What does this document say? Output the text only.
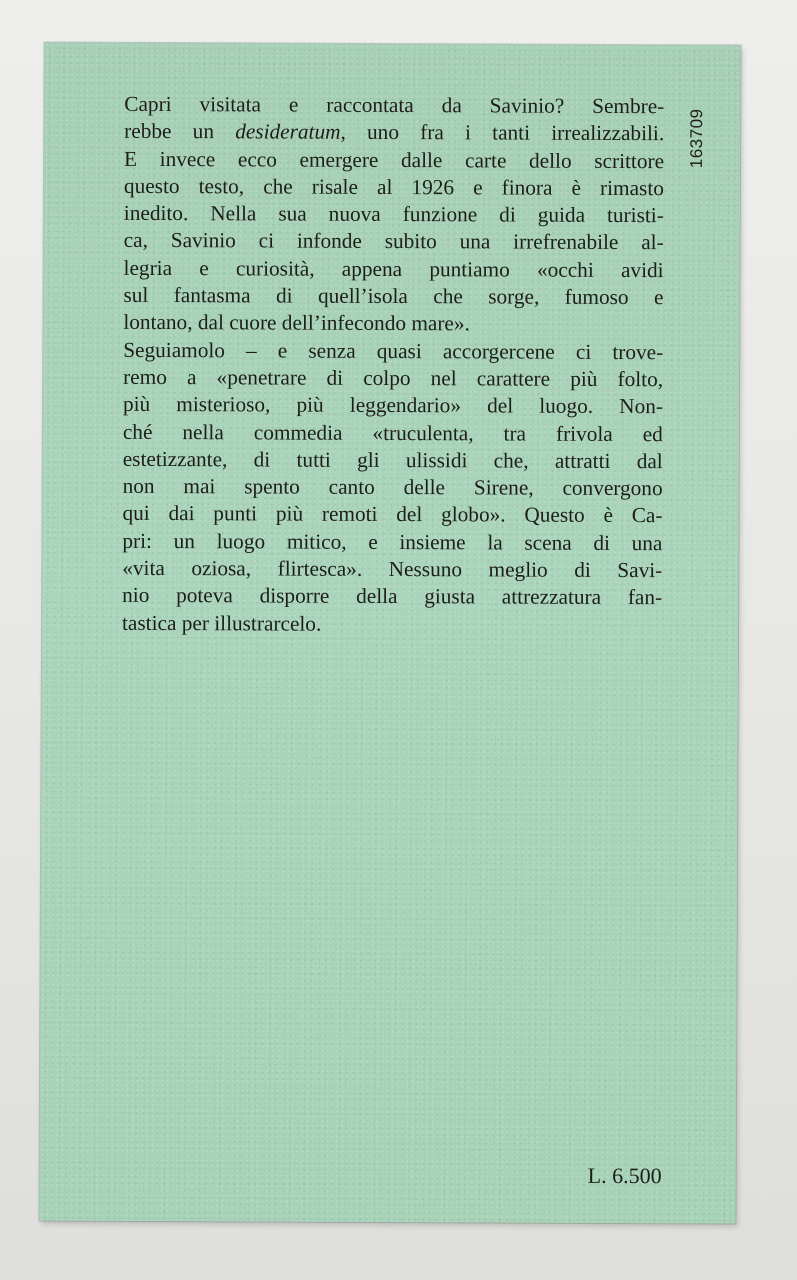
Capri visitata e raccontata da Savinio? Sembre-
rebbe un desideratum, uno fra i tanti irrealizzabili.
E invece ecco emergere dalle carte dello scrittore
questo testo, che risale al 1926 e finora è rimasto
inedito. Nella sua nuova funzione di guida turisti-
ca, Savinio ci infonde subito una irrefrenabile al-
legria e curiosità, appena puntiamo «occhi avidi
sul fantasma di quell’isola che sorge, fumoso e
lontano, dal cuore dell’infecondo mare».
Seguiamolo – e senza quasi accorgercene ci trove-
remo a «penetrare di colpo nel carattere più folto,
più misterioso, più leggendario» del luogo. Non-
ché nella commedia «truculenta, tra frivola ed
estetizzante, di tutti gli ulissidi che, attratti dal
non mai spento canto delle Sirene, convergono
qui dai punti più remoti del globo». Questo è Ca-
pri: un luogo mitico, e insieme la scena di una
«vita oziosa, flirtesca». Nessuno meglio di Savi-
nio poteva disporre della giusta attrezzatura fan-
tastica per illustrarcelo.
163709
L. 6.500
